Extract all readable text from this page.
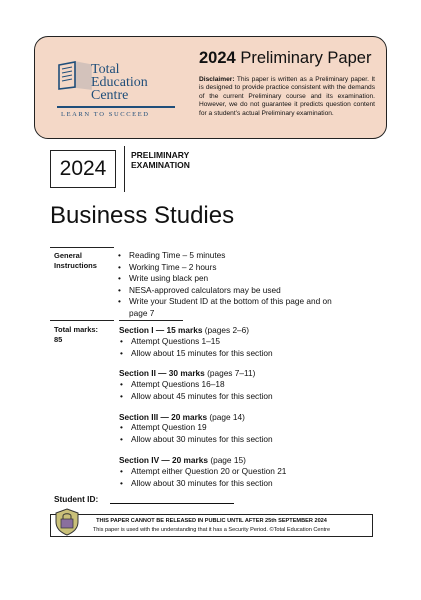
Total
Education
Centre
LEARN TO SUCCEED
2024 Preliminary Paper
Disclaimer: This paper is written as a Preliminary paper. It is designed to provide practice consistent with the demands of the current Preliminary course and its examination. However, we do not guarantee it predicts question content for a student’s actual Preliminary examination.
2024
PRELIMINARY
EXAMINATION
Business Studies
General
Instructions
• Reading Time – 5 minutes
• Working Time – 2 hours
• Write using black pen
• NESA-approved calculators may be used
• Write your Student ID at the bottom of this page and on page 7
Total marks:
85
Section I — 15 marks (pages 2–6)
• Attempt Questions 1–15
• Allow about 15 minutes for this section
Section II — 30 marks (pages 7–11)
• Attempt Questions 16–18
• Allow about 45 minutes for this section
Section III — 20 marks (page 14)
• Attempt Question 19
• Allow about 30 minutes for this section
Section IV — 20 marks (page 15)
• Attempt either Question 20 or Question 21
• Allow about 30 minutes for this section
Student ID:
THIS PAPER CANNOT BE RELEASED IN PUBLIC UNTIL AFTER 25th SEPTEMBER 2024
This paper is used with the understanding that it has a Security Period. ©Total Education Centre
